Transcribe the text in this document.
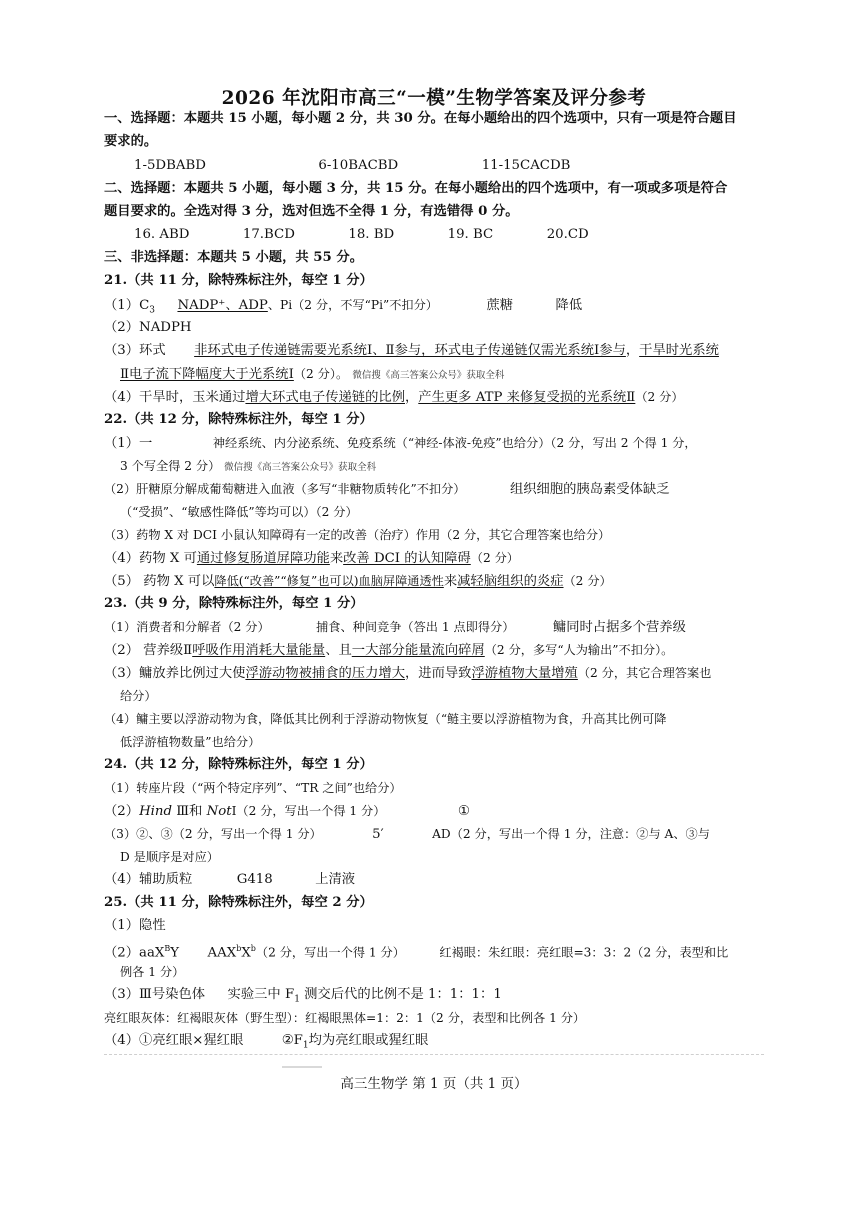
2026 年沈阳市高三“一模”生物学答案及评分参考
一、选择题：本题共 15 小题，每小题 2 分，共 30 分。在每小题给出的四个选项中，只有一项是符合题目
要求的。
1-5DBABD	6-10BACBD	11-15CACDB
二、选择题：本题共 5 小题，每小题 3 分，共 15 分。在每小题给出的四个选项中，有一项或多项是符合
题目要求的。全选对得 3 分，选对但选不全得 1 分，有选错得 0 分。
16. ABD	17.BCD	18. BD	19. BC	20.CD
三、非选择题：本题共 5 小题，共 55 分。
21.（共 11 分，除特殊标注外，每空 1 分）
$(1)C_3$ NADP⁺、ADP、Pi（2 分，不写“Pi”不扣分）	蔗糖	降低
（2）NADPH
（3）环式 非环式电子传递链需要光系统Ⅰ、Ⅱ参与，环式电子传递链仅需光系统Ⅰ参与，干旱时光系统
Ⅱ电子流下降幅度大于光系统Ⅰ（2 分）。 微信搜《高三答案公众号》获取全科
（4）干旱时，玉米通过增大环式电子传递链的比例，产生更多 ATP 来修复受损的光系统Ⅱ（2 分）
22.（共 12 分，除特殊标注外，每空 1 分）
（1）一	神经系统、内分泌系统、免疫系统（“神经-体液-免疫”也给分）（2 分，写出 2 个得 1 分，
3 个写全得 2 分） 微信搜《高三答案公众号》获取全科
（2）肝糖原分解成葡萄糖进入血液（多写“非糖物质转化”不扣分）	组织细胞的胰岛素受体缺乏
（“受损”、“敏感性降低”等均可以）（2 分）
（3）药物 X 对 DCI 小鼠认知障碍有一定的改善（治疗）作用（2 分，其它合理答案也给分）
（4）药物 X 可通过修复肠道屏障功能来改善 DCI 的认知障碍（2 分）
（5） 药物 X 可以降低(“改善”“修复”也可以)血脑屏障通透性来减轻脑组织的炎症（2 分）
23.（共 9 分，除特殊标注外，每空 1 分）
（1）消费者和分解者（2 分）	捕食、种间竞争（答出 1 点即得分）	鳙同时占据多个营养级
（2） 营养级Ⅱ呼吸作用消耗大量能量、且一大部分能量流向碎屑（2 分，多写“人为输出”不扣分）。
（3）鳙放养比例过大使浮游动物被捕食的压力增大，进而导致浮游植物大量增殖（2 分，其它合理答案也
给分）
（4）鳙主要以浮游动物为食，降低其比例利于浮游动物恢复（“鲢主要以浮游植物为食，升高其比例可降
低浮游植物数量”也给分）
24.（共 12 分，除特殊标注外，每空 1 分）
（1）转座片段（“两个特定序列”、“TR 之间”也给分）
（2）Hind Ⅲ和 NotⅠ（2 分，写出一个得 1 分）	①
（3）②、③（2 分，写出一个得 1 分）	5′	AD（2 分，写出一个得 1 分，注意：②与 A、③与
D 是顺序是对应）
（4）辅助质粒	G418	上清液
25.（共 11 分，除特殊标注外，每空 2 分）
（1）隐性
（2）aaX$^B$Y $AAX^bX^b(2$ 分，写出一个得 1 分）	红褐眼：朱红眼：亮红眼=3：3：2（2 分，表型和比
例各 1 分）
（3）Ⅲ号染色体 实验三中 $F_1$ 测交后代的比例不是 1：1：1：1
亮红眼灰体：红褐眼灰体（野生型）：红褐眼黑体=1：2：1（2 分，表型和比例各 1 分）
（4）①亮红眼×猩红眼	$②F_1$均为亮红眼或猩红眼
高三生物学 第 1 页（共 1 页）
